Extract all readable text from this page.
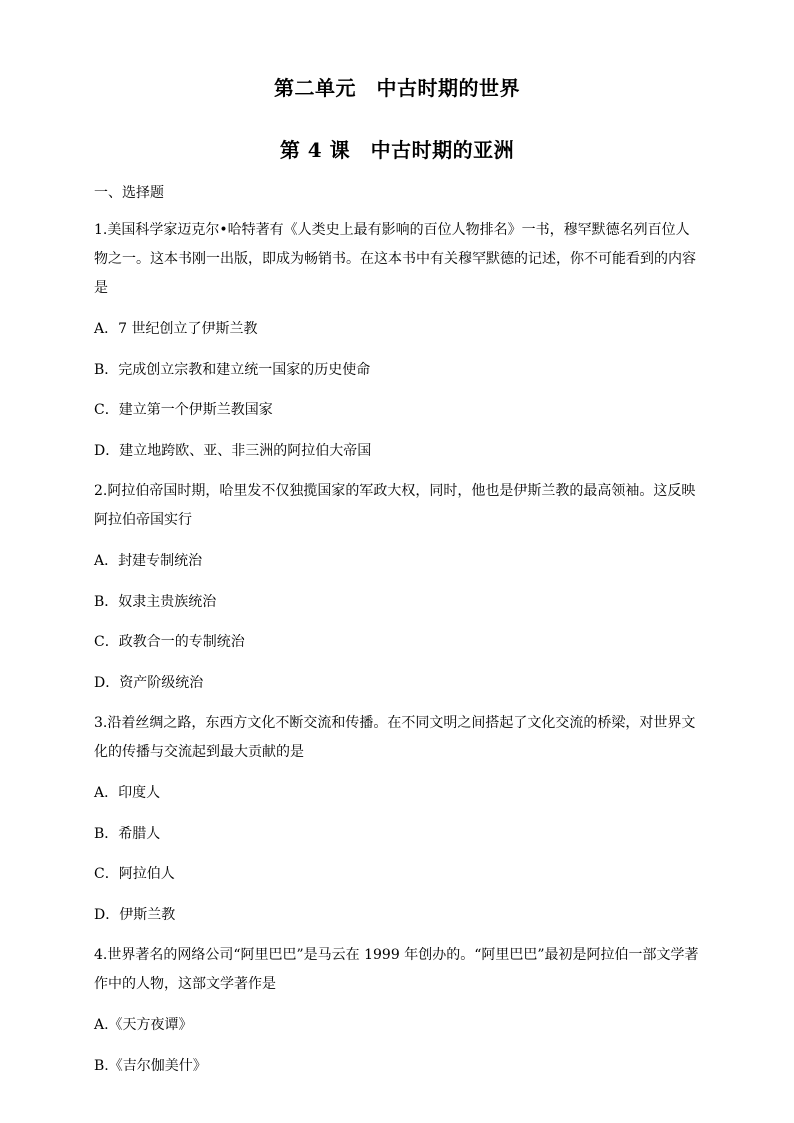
第二单元　中古时期的世界
第 4 课　中古时期的亚洲
一、选择题

1.美国科学家迈克尔•哈特著有《人类史上最有影响的百位人物排名》一书，穆罕默德名列百位人物之一。这本书刚一出版，即成为畅销书。在这本书中有关穆罕默德的记述，你不可能看到的内容是

A．7 世纪创立了伊斯兰教
B．完成创立宗教和建立统一国家的历史使命
C．建立第一个伊斯兰教国家
D．建立地跨欧、亚、非三洲的阿拉伯大帝国

2.阿拉伯帝国时期，哈里发不仅独揽国家的军政大权，同时，他也是伊斯兰教的最高领袖。这反映阿拉伯帝国实行

A．封建专制统治
B．奴隶主贵族统治
C．政教合一的专制统治
D．资产阶级统治

3.沿着丝绸之路，东西方文化不断交流和传播。在不同文明之间搭起了文化交流的桥梁，对世界文化的传播与交流起到最大贡献的是

A．印度人
B．希腊人
C．阿拉伯人
D．伊斯兰教

4.世界著名的网络公司“阿里巴巴”是马云在 1999 年创办的。“阿里巴巴”最初是阿拉伯一部文学著作中的人物，这部文学著作是

A.《天方夜谭》
B.《吉尔伽美什》
